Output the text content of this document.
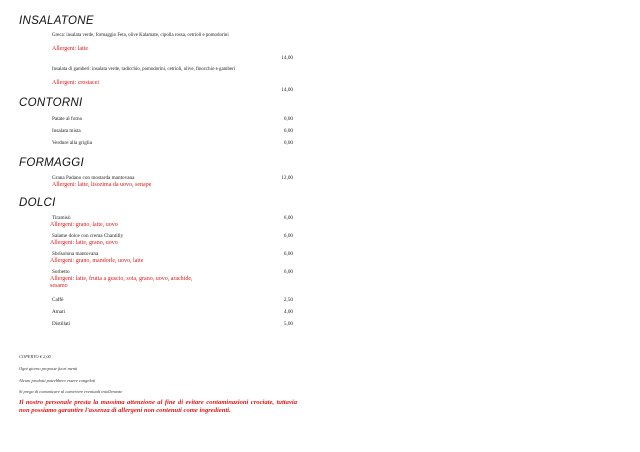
INSALATONE
Greca: insalata verde, formaggio Feta, olive Kalamate, cipolla rossa, cetrioli e pomodorini
Allergeni: latte
14,00
Insalata di gamberi: insalata verde, radicchio, pomodorini, cetrioli, olive, finocchio e gamberi
Allergeni: crostacei
14,00
CONTORNI
Patate al forno	6,00
Insalata mista	6,00
Verdure alla griglia	6,00
FORMAGGI
Grana Padano con mostarda mantovana	12,00
Allergeni: latte, lisozima da uovo, senape
DOLCI
Tiramisù	6,00
Allergeni: grano, latte, uovo
Salame dolce con crema Chantilly	6,00
Allergeni: latte, grano, uovo
Sbrisolona mantovana	6,00
Allergeni: grano, mandorle, uovo, latte
Sorbetto	6,00
Allergeni: latte, frutta a guscio, soia, grano, uovo, arachide, sesamo
Caffè	2,50
Amari	4,00
Distillati	5,00
COPERTO € 2,00
Ogni giorno proposte fuori menù
Alcuni prodotti potrebbero essere congelati
Si prega di comunicare al cameriere eventuali intolleranze
Il nostro personale presta la massima attenzione al fine di evitare contaminazioni crociate, tuttavia non possiamo garantire l'assenza di allergeni non contenuti come ingredienti.
